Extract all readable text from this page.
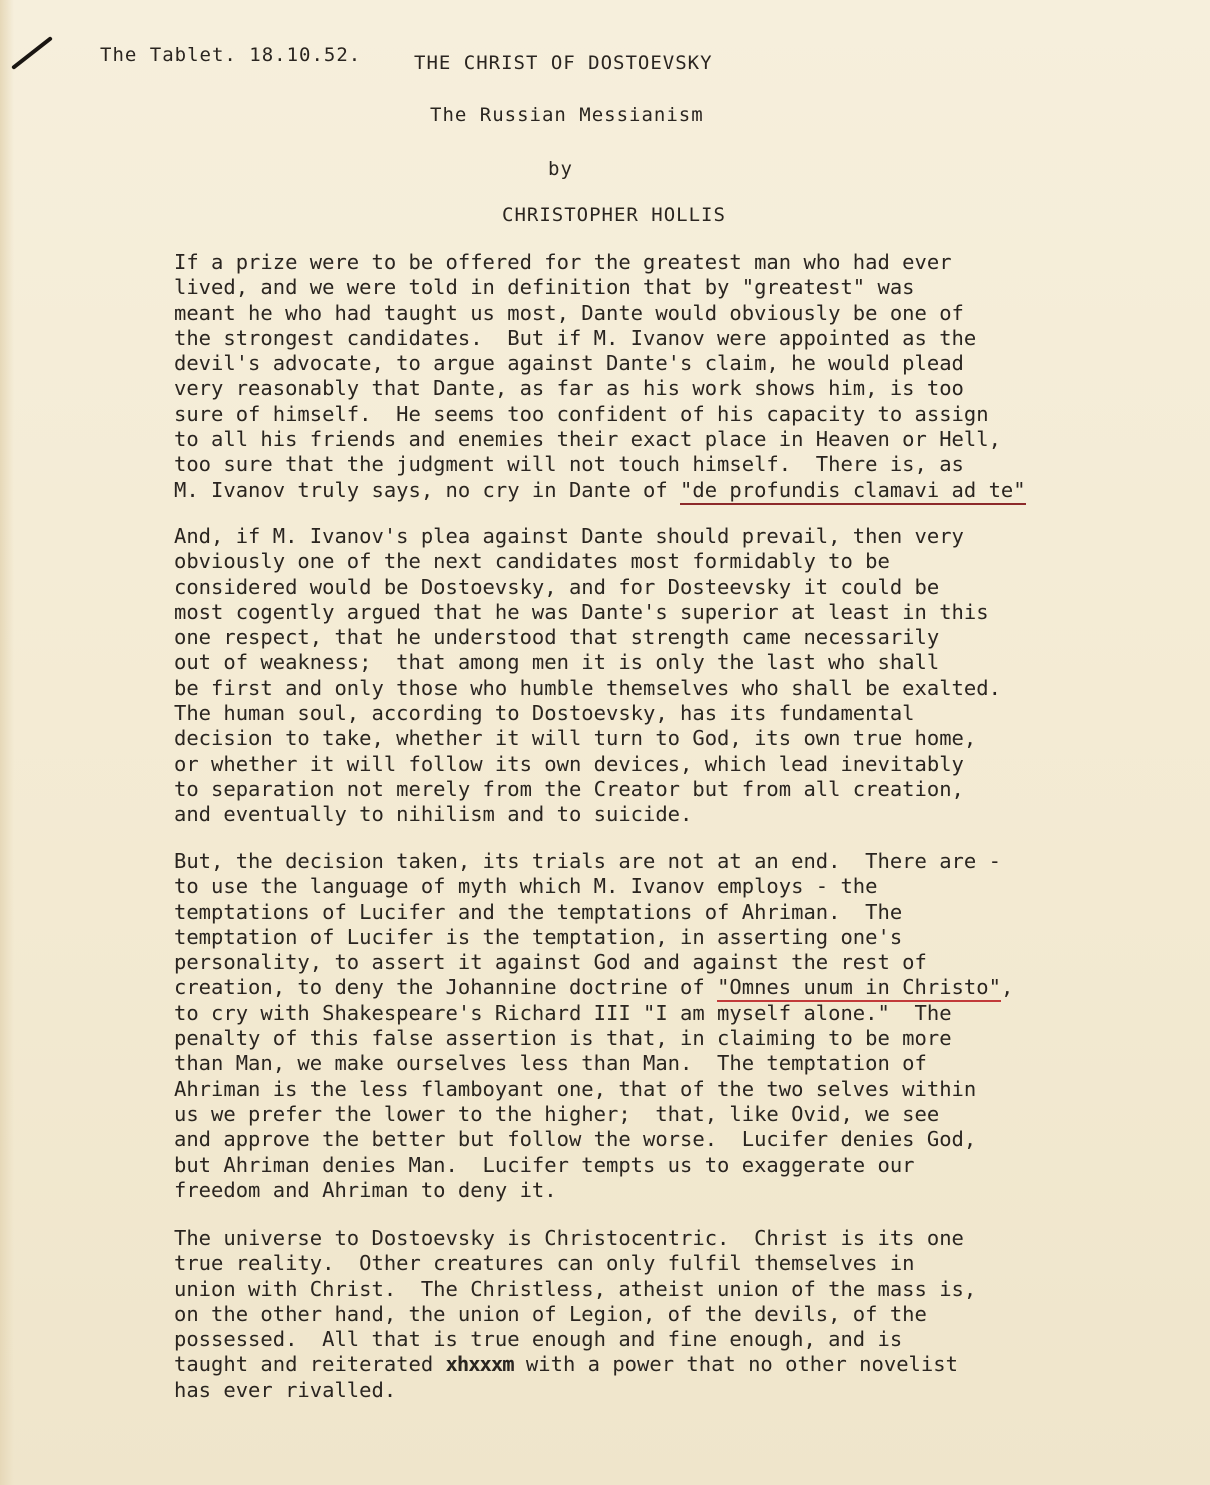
The Tablet. 18.10.52.	THE CHRIST OF DOSTOEVSKY
The Russian Messianism
by
CHRISTOPHER HOLLIS
If a prize were to be offered for the greatest man who had ever
lived, and we were told in definition that by "greatest" was
meant he who had taught us most, Dante would obviously be one of
the strongest candidates.  But if M. Ivanov were appointed as the
devil's advocate, to argue against Dante's claim, he would plead
very reasonably that Dante, as far as his work shows him, is too
sure of himself.  He seems too confident of his capacity to assign
to all his friends and enemies their exact place in Heaven or Hell,
too sure that the judgment will not touch himself.  There is, as
M. Ivanov truly says, no cry in Dante of "de profundis clamavi ad te"
And, if M. Ivanov's plea against Dante should prevail, then very
obviously one of the next candidates most formidably to be
considered would be Dostoevsky, and for Dosteevsky it could be
most cogently argued that he was Dante's superior at least in this
one respect, that he understood that strength came necessarily
out of weakness;  that among men it is only the last who shall
be first and only those who humble themselves who shall be exalted.
The human soul, according to Dostoevsky, has its fundamental
decision to take, whether it will turn to God, its own true home,
or whether it will follow its own devices, which lead inevitably
to separation not merely from the Creator but from all creation,
and eventually to nihilism and to suicide.
But, the decision taken, its trials are not at an end.  There are -
to use the language of myth which M. Ivanov employs - the
temptations of Lucifer and the temptations of Ahriman.  The
temptation of Lucifer is the temptation, in asserting one's
personality, to assert it against God and against the rest of
creation, to deny the Johannine doctrine of "Omnes unum in Christo",
to cry with Shakespeare's Richard III "I am myself alone."  The
penalty of this false assertion is that, in claiming to be more
than Man, we make ourselves less than Man.  The temptation of
Ahriman is the less flamboyant one, that of the two selves within
us we prefer the lower to the higher;  that, like Ovid, we see
and approve the better but follow the worse.  Lucifer denies God,
but Ahriman denies Man.  Lucifer tempts us to exaggerate our
freedom and Ahriman to deny it.
The universe to Dostoevsky is Christocentric.  Christ is its one
true reality.  Other creatures can only fulfil themselves in
union with Christ.  The Christless, atheist union of the mass is,
on the other hand, the union of Legion, of the devils, of the
possessed.  All that is true enough and fine enough, and is
taught and reiterated xhxxxm with a power that no other novelist
has ever rivalled.
